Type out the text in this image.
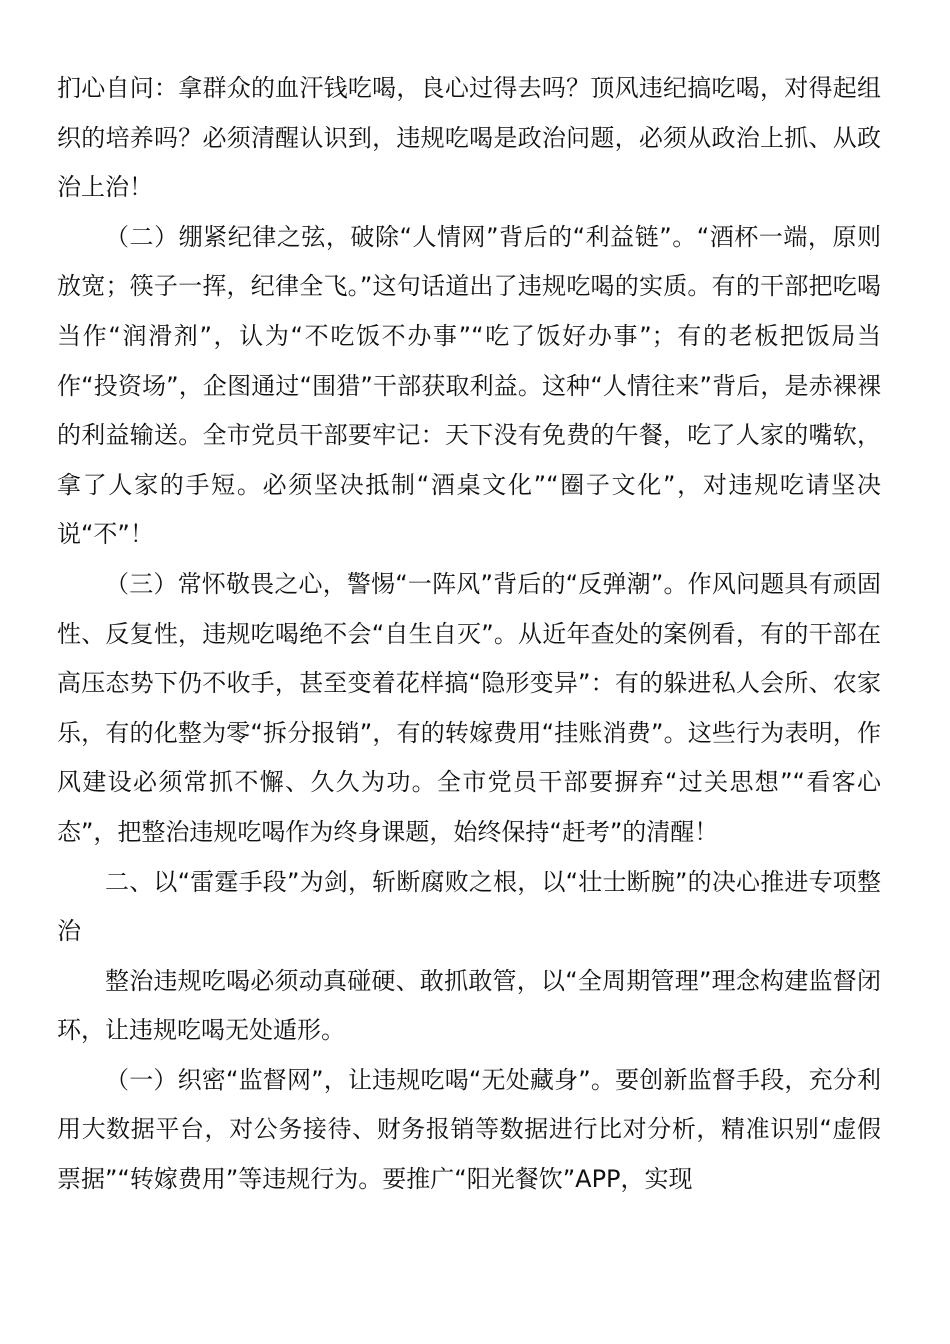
扪心自问：拿群众的血汗钱吃喝，良心过得去吗？顶风违纪搞吃喝，对得起组织的培养吗？必须清醒认识到，违规吃喝是政治问题，必须从政治上抓、从政治上治！

（二）绷紧纪律之弦，破除“人情网”背后的“利益链”。“酒杯一端，原则放宽；筷子一挥，纪律全飞。”这句话道出了违规吃喝的实质。有的干部把吃喝当作“润滑剂”，认为“不吃饭不办事”“吃了饭好办事”；有的老板把饭局当作“投资场”，企图通过“围猎”干部获取利益。这种“人情往来”背后，是赤裸裸的利益输送。全市党员干部要牢记：天下没有免费的午餐，吃了人家的嘴软，拿了人家的手短。必须坚决抵制“酒桌文化”“圈子文化”，对违规吃请坚决说“不”！

（三）常怀敬畏之心，警惕“一阵风”背后的“反弹潮”。作风问题具有顽固性、反复性，违规吃喝绝不会“自生自灭”。从近年查处的案例看，有的干部在高压态势下仍不收手，甚至变着花样搞“隐形变异”：有的躲进私人会所、农家乐，有的化整为零“拆分报销”，有的转嫁费用“挂账消费”。这些行为表明，作风建设必须常抓不懈、久久为功。全市党员干部要摒弃“过关思想”“看客心态”，把整治违规吃喝作为终身课题，始终保持“赶考”的清醒！

二、以“雷霆手段”为剑，斩断腐败之根，以“壮士断腕”的决心推进专项整治

整治违规吃喝必须动真碰硬、敢抓敢管，以“全周期管理”理念构建监督闭环，让违规吃喝无处遁形。

（一）织密“监督网”，让违规吃喝“无处藏身”。要创新监督手段，充分利用大数据平台，对公务接待、财务报销等数据进行比对分析，精准识别“虚假票据”“转嫁费用”等违规行为。要推广“阳光餐饮”APP，实现
